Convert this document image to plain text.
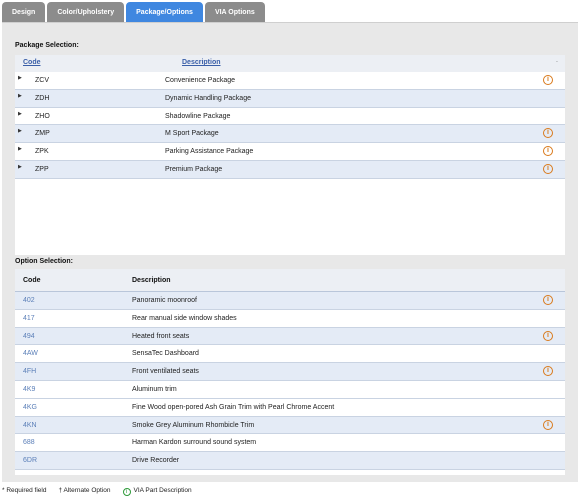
Design	Color/Upholstery	Package/Options	VIA Options
Package Selection:
Code	Description	.
▶ ZCV	Convenience Package	i
▶ ZDH	Dynamic Handling Package
▶ ZHO	Shadowline Package
▶ ZMP	M Sport Package	i
▶ ZPK	Parking Assistance Package	i
▶ ZPP	Premium Package	i
Option Selection:
Code	Description
402	Panoramic moonroof	i
417	Rear manual side window shades
494	Heated front seats	i
4AW	SensaTec Dashboard
4FH	Front ventilated seats	i
4K9	Aluminum trim
4KG	Fine Wood open-pored Ash Grain Trim with Pearl Chrome Accent
4KN	Smoke Grey Aluminum Rhombicle Trim	i
688	Harman Kardon surround sound system
6DR	Drive Recorder
* Required field † Alternate Option	i VIA Part Description
